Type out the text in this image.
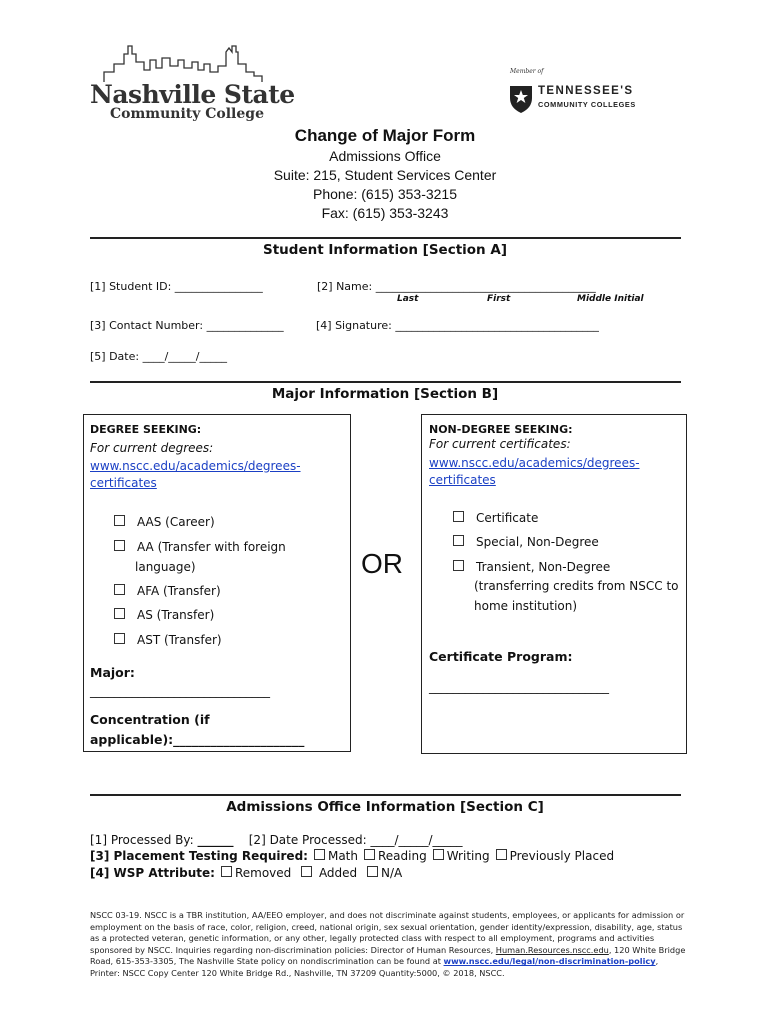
Nashville State
Community College
Member of
TENNESSEE'S
COMMUNITY COLLEGES
Change of Major Form
Admissions Office
Suite: 215, Student Services Center
Phone: (615) 353-3215
Fax: (615) 353-3243
Student Information [Section A]
[1] Student ID: ________________	[2] Name: ________________________________________
Last	First	Middle Initial
[3] Contact Number: ______________	[4] Signature: _____________________________________
[5] Date: ____/_____/_____
Major Information [Section B]
DEGREE SEEKING:
For current degrees:
www.nscc.edu/academics/degrees-
certificates
AAS (Career)
AA (Transfer with foreign
language)
AFA (Transfer)
AS (Transfer)
AST (Transfer)
Major:
______________________________
Concentration (if
applicable):_____________________
OR
NON-DEGREE SEEKING:
For current certificates:
www.nscc.edu/academics/degrees-
certificates
Certificate
Special, Non-Degree
Transient, Non-Degree
(transferring credits from NSCC to
home institution)
Certificate Program:
______________________________
Admissions Office Information [Section C]
[1] Processed By: ______ [2] Date Processed: ____/_____/_____
[3] Placement Testing Required: Math Reading Writing Previously Placed
[4] WSP Attribute: Removed Added N/A
NSCC 03-19. NSCC is a TBR institution, AA/EEO employer, and does not discriminate against students, employees, or applicants for admission or employment on the basis of race, color, religion, creed, national origin, sex sexual orientation, gender identity/expression, disability, age, status as a protected veteran, genetic information, or any other, legally protected class with respect to all employment, programs and activities sponsored by NSCC. Inquiries regarding non-discrimination policies: Director of Human Resources, Human.Resources.nscc.edu, 120 White Bridge Road, 615-353-3305, The Nashville State policy on nondiscrimination can be found at www.nscc.edu/legal/non-discrimination-policy, Printer: NSCC Copy Center 120 White Bridge Rd., Nashville, TN 37209 Quantity:5000, © 2018, NSCC.
